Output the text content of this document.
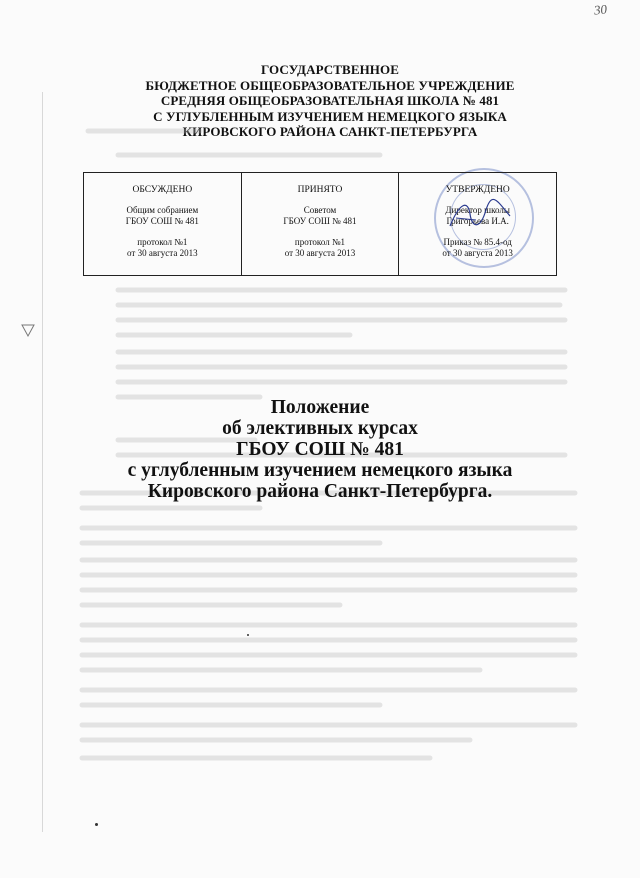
30
ГОСУДАРСТВЕННОЕ
БЮДЖЕТНОЕ ОБЩЕОБРАЗОВАТЕЛЬНОЕ УЧРЕЖДЕНИЕ
СРЕДНЯЯ ОБЩЕОБРАЗОВАТЕЛЬНАЯ ШКОЛА № 481
С УГЛУБЛЕННЫМ ИЗУЧЕНИЕМ НЕМЕЦКОГО ЯЗЫКА
КИРОВСКОГО РАЙОНА САНКТ-ПЕТЕРБУРГА
ОБСУЖДЕНО
Общим собранием
ГБОУ СОШ № 481
протокол №1
от 30 августа 2013

ПРИНЯТО
Советом
ГБОУ СОШ № 481
протокол №1
от 30 августа 2013

УТВЕРЖДЕНО
Директор школы
Григорьева И.А.
Приказ № 85.4-од
от 30 августа 2013
Положение
об элективных курсах
ГБОУ СОШ № 481
с углубленным изучением немецкого языка
Кировского района Санкт-Петербурга.
